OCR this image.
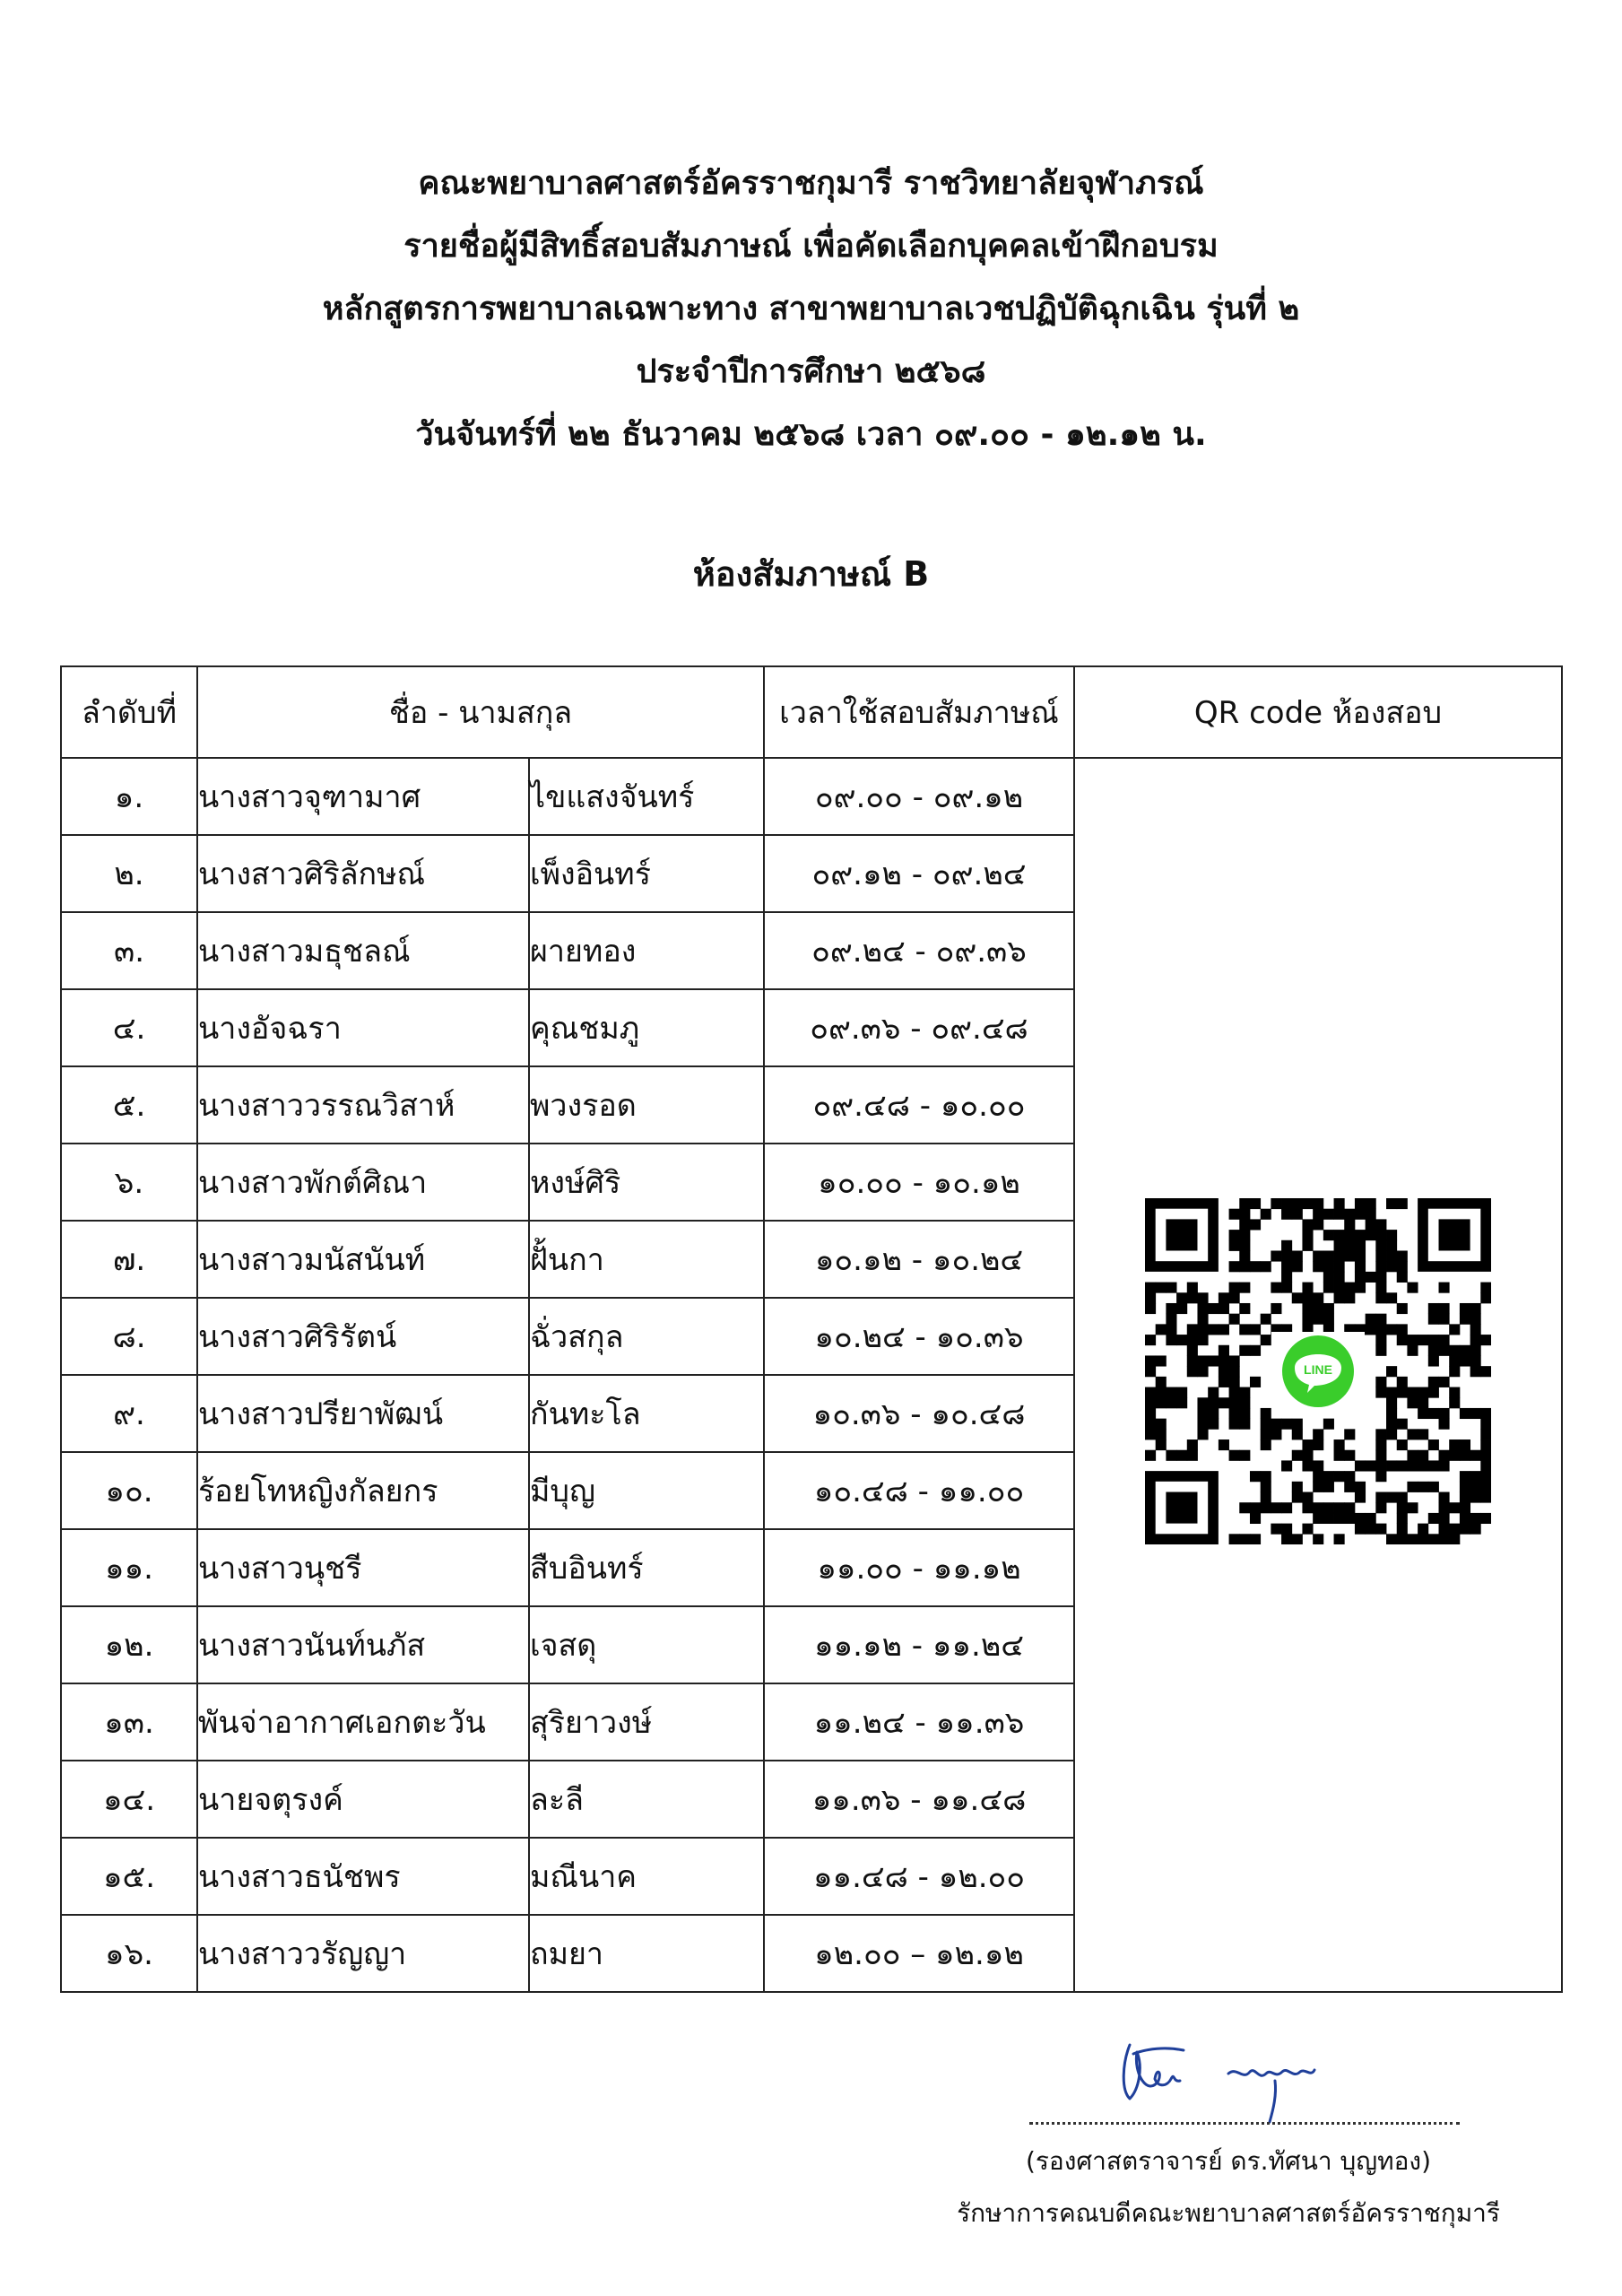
คณะพยาบาลศาสตร์อัครราชกุมารี ราชวิทยาลัยจุฬาภรณ์
รายชื่อผู้มีสิทธิ์สอบสัมภาษณ์ เพื่อคัดเลือกบุคคลเข้าฝึกอบรม
หลักสูตรการพยาบาลเฉพาะทาง สาขาพยาบาลเวชปฏิบัติฉุกเฉิน รุ่นที่ ๒
ประจำปีการศึกษา ๒๕๖๘
วันจันทร์ที่ ๒๒ ธันวาคม ๒๕๖๘ เวลา ๐๙.๐๐ - ๑๒.๑๒ น.
ห้องสัมภาษณ์ B
ลำดับที่	ชื่อ - นามสกุล		เวลาใช้สอบสัมภาษณ์	QR code ห้องสอบ
๑.	นางสาวจุฑามาศ	ไขแสงจันทร์	๐๙.๐๐ - ๐๙.๑๒	LINE

๒.	นางสาวศิริลักษณ์	เพ็งอินทร์	๐๙.๑๒ - ๐๙.๒๔	
๓.	นางสาวมธุชลณ์	ผายทอง	๐๙.๒๔ - ๐๙.๓๖	
๔.	นางอัจฉรา	คุณชมภู	๐๙.๓๖ - ๐๙.๔๘	
๕.	นางสาววรรณวิสาห์	พวงรอด	๐๙.๔๘ - ๑๐.๐๐	
๖.	นางสาวพักต์ศิณา	หงษ์ศิริ	๑๐.๐๐ - ๑๐.๑๒	
๗.	นางสาวมนัสนันท์	ฝั้นกา	๑๐.๑๒ - ๑๐.๒๔	
๘.	นางสาวศิริรัตน์	ฉั่วสกุล	๑๐.๒๔ - ๑๐.๓๖	
๙.	นางสาวปรียาพัฒน์	กันทะโล	๑๐.๓๖ - ๑๐.๔๘	
๑๐.	ร้อยโทหญิงกัลยกร	มีบุญ	๑๐.๔๘ - ๑๑.๐๐	
๑๑.	นางสาวนุชรี	สืบอินทร์	๑๑.๐๐ - ๑๑.๑๒	
๑๒.	นางสาวนันท์นภัส	เจสดุ	๑๑.๑๒ - ๑๑.๒๔	
๑๓.	พันจ่าอากาศเอกตะวัน	สุริยาวงษ์	๑๑.๒๔ - ๑๑.๓๖	
๑๔.	นายจตุรงค์	ละลี	๑๑.๓๖ - ๑๑.๔๘	
๑๕.	นางสาวธนัชพร	มณีนาค	๑๑.๔๘ - ๑๒.๐๐	
๑๖.	นางสาววรัญญา	ถมยา	๑๒.๐๐ – ๑๒.๑๒	
(รองศาสตราจารย์ ดร.ทัศนา บุญทอง)
รักษาการคณบดีคณะพยาบาลศาสตร์อัครราชกุมารี
